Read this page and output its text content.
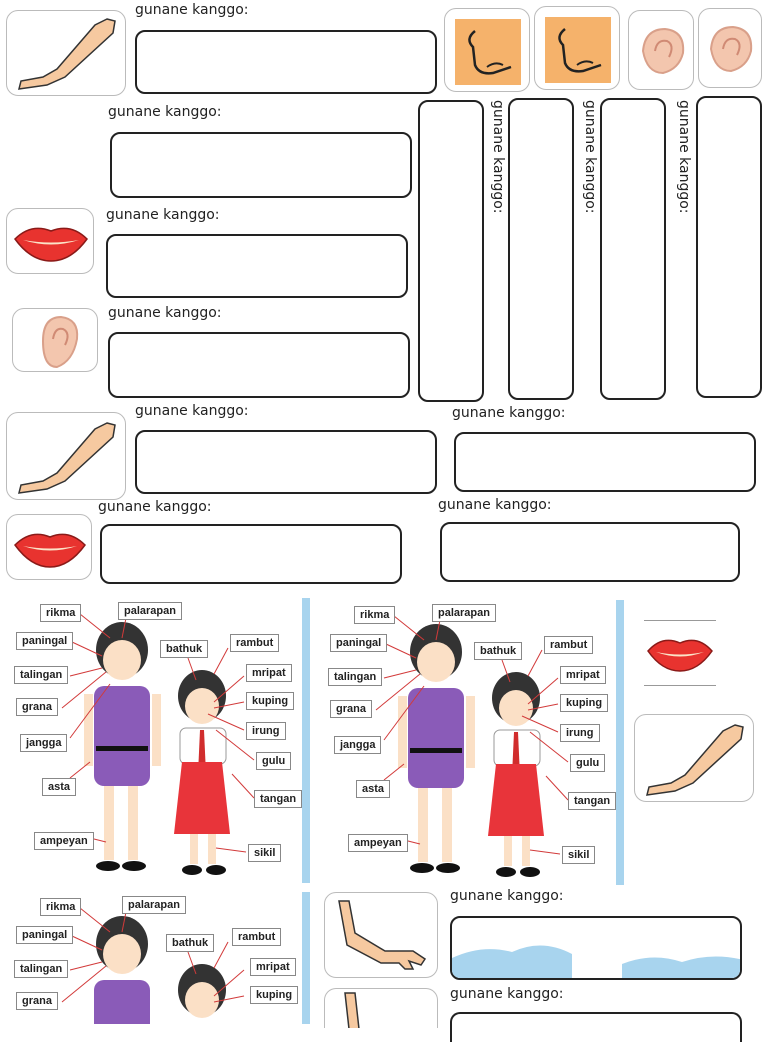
gunane kanggo:
gunane kanggo:
gunane kanggo:
gunane kanggo:
gunane kanggo:	gunane kanggo:	gunane kanggo:
gunane kanggo:	gunane kanggo:
gunane kanggo:	gunane kanggo:
rikma	palarapan
paningal
bathuk	rambut
talingan	mripat
grana	kuping
jangga
irung
gulu
asta
tangan
ampeyan
sikil
rikma	palarapan
paningal
bathuk	rambut
talingan	mripat
grana	kuping
jangga
irung
gulu
asta
tangan
ampeyan
sikil
rikma	palarapan
paningal
bathuk	rambut
talingan	mripat
grana	kuping
gunane kanggo:
gunane kanggo:
